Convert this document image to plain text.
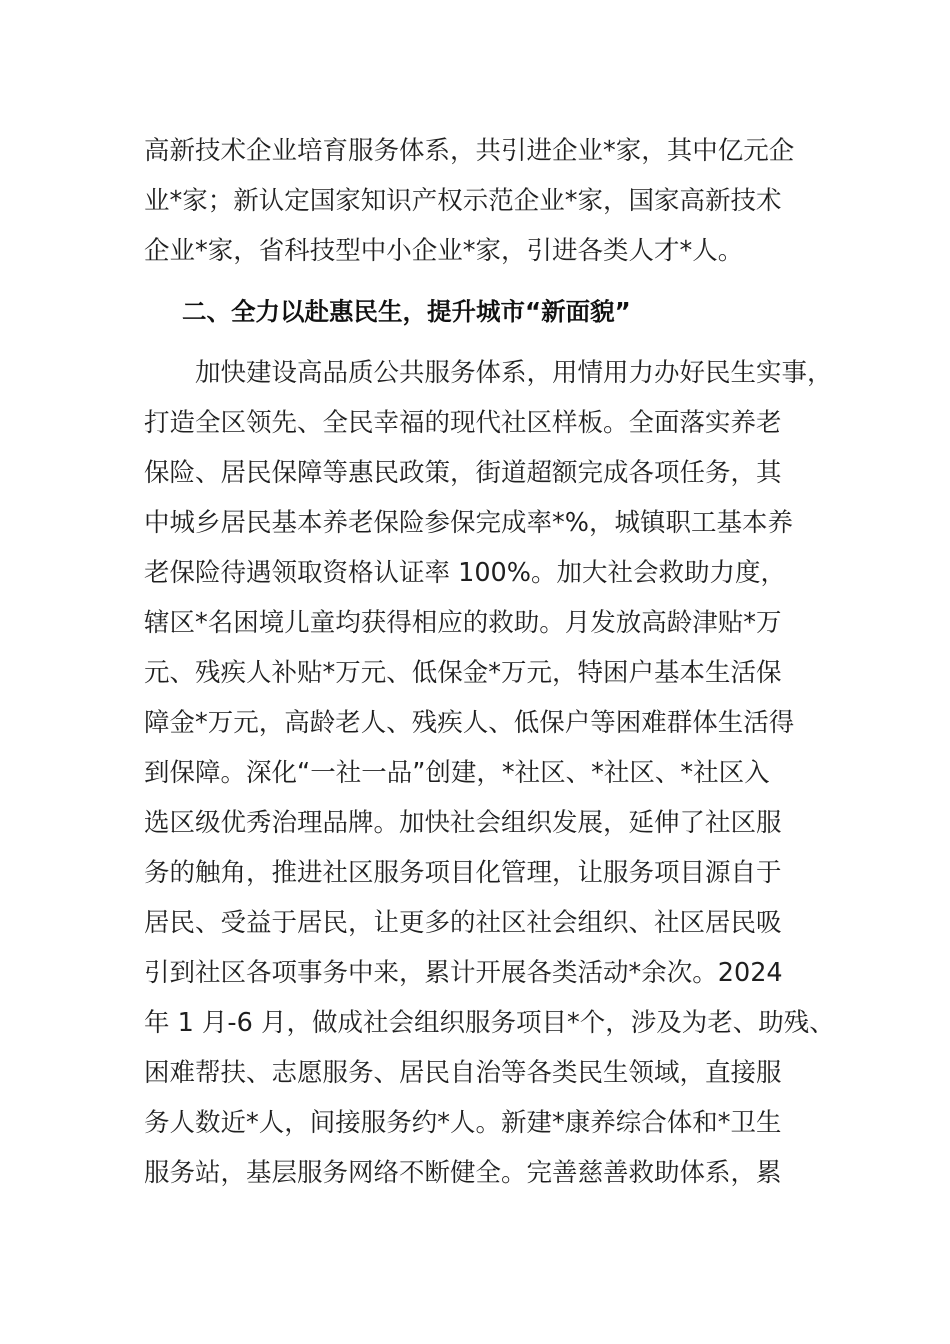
高新技术企业培育服务体系，共引进企业*家，其中亿元企
业*家；新认定国家知识产权示范企业*家，国家高新技术
企业*家，省科技型中小企业*家，引进各类人才*人。
二、全力以赴惠民生，提升城市“新面貌”
　　加快建设高品质公共服务体系，用情用力办好民生实事，
打造全区领先、全民幸福的现代社区样板。全面落实养老
保险、居民保障等惠民政策，街道超额完成各项任务，其
中城乡居民基本养老保险参保完成率*%，城镇职工基本养
老保险待遇领取资格认证率 100%。加大社会救助力度，
辖区*名困境儿童均获得相应的救助。月发放高龄津贴*万
元、残疾人补贴*万元、低保金*万元，特困户基本生活保
障金*万元，高龄老人、残疾人、低保户等困难群体生活得
到保障。深化“一社一品”创建，*社区、*社区、*社区入
选区级优秀治理品牌。加快社会组织发展，延伸了社区服
务的触角，推进社区服务项目化管理，让服务项目源自于
居民、受益于居民，让更多的社区社会组织、社区居民吸
引到社区各项事务中来，累计开展各类活动*余次。2024
年 1 月-6 月，做成社会组织服务项目*个，涉及为老、助残、
困难帮扶、志愿服务、居民自治等各类民生领域，直接服
务人数近*人，间接服务约*人。新建*康养综合体和*卫生
服务站，基层服务网络不断健全。完善慈善救助体系，累
